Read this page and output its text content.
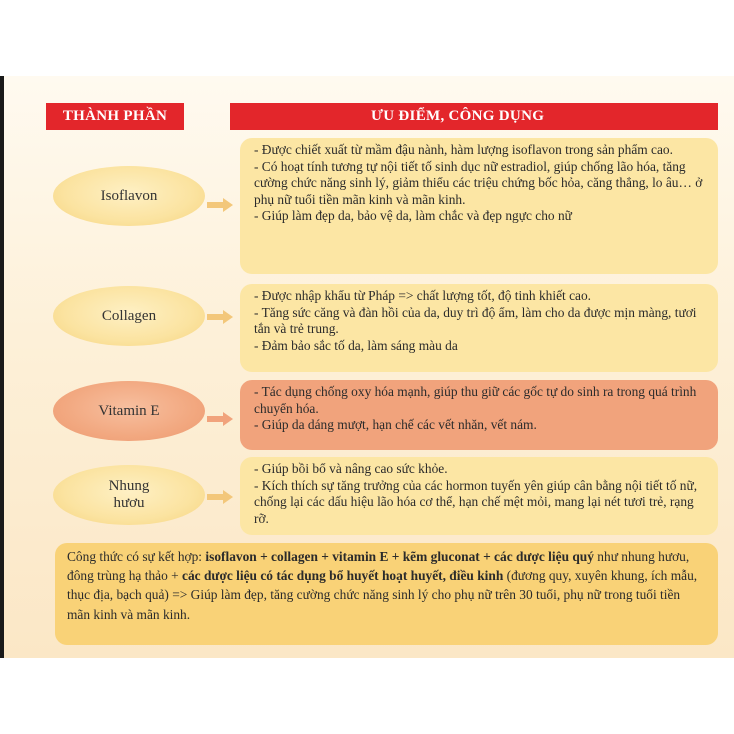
THÀNH PHẦN	ƯU ĐIỂM, CÔNG DỤNG
Isoflavon

- Được chiết xuất từ mầm đậu nành, hàm lượng isoflavon trong sản phẩm cao.

- Có hoạt tính tương tự nội tiết tố sinh dục nữ estradiol, giúp chống lão hóa, tăng cường chức năng sinh lý, giảm thiểu các triệu chứng bốc hỏa, căng thẳng, lo âu… ở phụ nữ tuổi tiền mãn kinh và mãn kinh.

- Giúp làm đẹp da, bảo vệ da, làm chắc và đẹp ngực cho nữ

Collagen

- Được nhập khẩu từ Pháp => chất lượng tốt, độ tinh khiết cao.

- Tăng sức căng và đàn hồi của da, duy trì độ ẩm, làm cho da được mịn màng, tươi tắn và trẻ trung.

- Đảm bảo sắc tố da, làm sáng màu da

Vitamin E

- Tác dụng chống oxy hóa mạnh, giúp thu giữ các gốc tự do sinh ra trong quá trình chuyển hóa.

- Giúp da dáng mượt, hạn chế các vết nhăn, vết nám.

Nhung
hươu

- Giúp bồi bổ và nâng cao sức khỏe.

- Kích thích sự tăng trưởng của các hormon tuyến yên giúp cân bằng nội tiết tố nữ, chống lại các dấu hiệu lão hóa cơ thể, hạn chế mệt mỏi, mang lại nét tươi trẻ, rạng rỡ.

Công thức có sự kết hợp: isoflavon + collagen + vitamin E + kẽm gluconat + các dược liệu quý như nhung hươu, đông trùng hạ thảo + các dược liệu có tác dụng bổ huyết hoạt huyết, điều kinh (đương quy, xuyên khung, ích mẫu, thục địa, bạch quả) => Giúp làm đẹp, tăng cường chức năng sinh lý cho phụ nữ trên 30 tuổi, phụ nữ trong tuổi tiền mãn kinh và mãn kinh.
